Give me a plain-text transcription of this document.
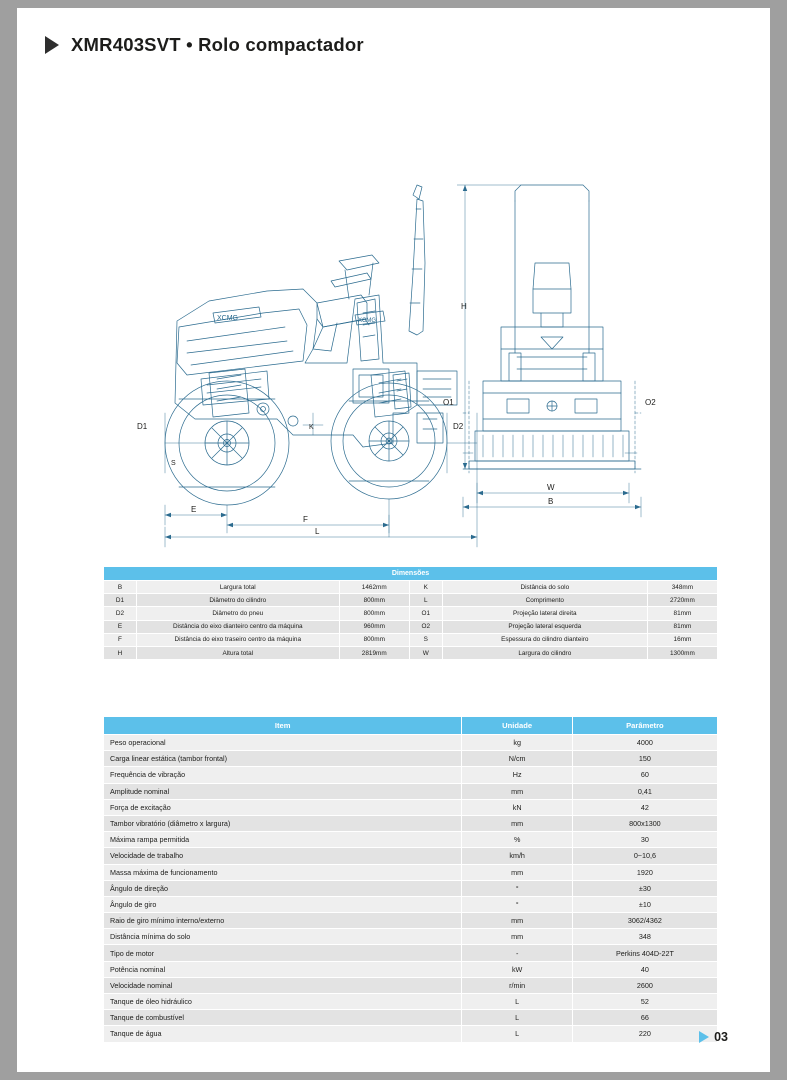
XMR403SVT • Rolo compactador
XCMG	XCMG
D1
S
E
F
L
K	D2
H
O1	O2
W
B
Dimensões					
B	Largura total	1462mm	K	Distância do solo	348mm
D1	Diâmetro do cilindro	800mm	L	Comprimento	2720mm
D2	Diâmetro do pneu	800mm	O1	Projeção lateral direita	81mm
E	Distância do eixo dianteiro centro da máquina	960mm	O2	Projeção lateral esquerda	81mm
F	Distância do eixo traseiro centro da máquina	800mm	S	Espessura do cilindro dianteiro	16mm
H	Altura total	2819mm	W	Largura do cilindro	1300mm
Item	Unidade	Parâmetro
Peso operacional	kg	4000
Carga linear estática (tambor frontal)	N/cm	150
Frequência de vibração	Hz	60
Amplitude nominal	mm	0,41
Força de excitação	kN	42
Tambor vibratório (diâmetro x largura)	mm	800x1300
Máxima rampa permitida	%	30
Velocidade de trabalho	km/h	0~10,6
Massa máxima de funcionamento	mm	1920
Ângulo de direção	°	±30
Ângulo de giro	°	±10
Raio de giro mínimo interno/externo	mm	3062/4362
Distância mínima do solo	mm	348
Tipo de motor	-	Perkins 404D-22T
Potência nominal	kW	40
Velocidade nominal	r/min	2600
Tanque de óleo hidráulico	L	52
Tanque de combustível	L	66
Tanque de água	L	220	03
